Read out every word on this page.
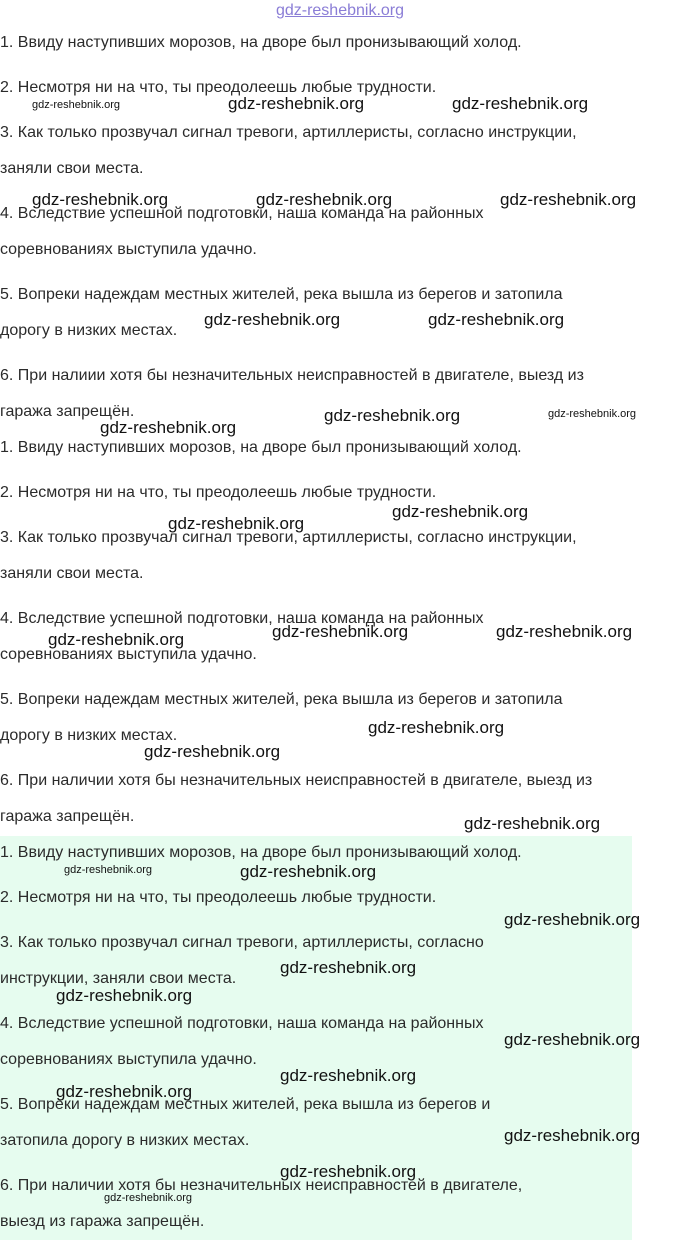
gdz-reshebnik.org
1. Ввиду наступивших морозов, на дворе был пронизывающий холод.
2. Несмотря ни на что, ты преодолеешь любые трудности.
3. Как только прозвучал сигнал тревоги, артиллеристы, согласно инструкции,
заняли свои места.
4. Вследствие успешной подготовки, наша команда на районных
соревнованиях выступила удачно.
5. Вопреки надеждам местных жителей, река вышла из берегов и затопила
дорогу в низких местах.
6. При налиии хотя бы незначительных неисправностей в двигателе, выезд из
гаража запрещён.
1. Ввиду наступивших морозов, на дворе был пронизывающий холод.
2. Несмотря ни на что, ты преодолеешь любые трудности.
3. Как только прозвучал сигнал тревоги, артиллеристы, согласно инструкции,
заняли свои места.
4. Вследствие успешной подготовки, наша команда на районных
соревнованиях выступила удачно.
5. Вопреки надеждам местных жителей, река вышла из берегов и затопила
дорогу в низких местах.
6. При наличии хотя бы незначительных неисправностей в двигателе, выезд из
гаража запрещён.
1. Ввиду наступивших морозов, на дворе был пронизывающий холод.
2. Несмотря ни на что, ты преодолеешь любые трудности.
3. Как только прозвучал сигнал тревоги, артиллеристы, согласно
инструкции, заняли свои места.
4. Вследствие успешной подготовки, наша команда на районных
соревнованиях выступила удачно.
5. Вопреки надеждам местных жителей, река вышла из берегов и
затопила дорогу в низких местах.
6. При наличии хотя бы незначительных неисправностей в двигателе,
выезд из гаража запрещён.
gdz-reshebnik.org	gdz-reshebnik.org	gdz-reshebnik.org
gdz-reshebnik.org	gdz-reshebnik.org	gdz-reshebnik.org
gdz-reshebnik.org	gdz-reshebnik.org
gdz-reshebnik.org	gdz-reshebnik.org
gdz-reshebnik.org
gdz-reshebnik.org
gdz-reshebnik.org
gdz-reshebnik.org	gdz-reshebnik.org
gdz-reshebnik.org
gdz-reshebnik.org
gdz-reshebnik.org
gdz-reshebnik.org
gdz-reshebnik.org	gdz-reshebnik.org
gdz-reshebnik.org
gdz-reshebnik.org
gdz-reshebnik.org
gdz-reshebnik.org
gdz-reshebnik.org
gdz-reshebnik.org
gdz-reshebnik.org
gdz-reshebnik.org
gdz-reshebnik.org
